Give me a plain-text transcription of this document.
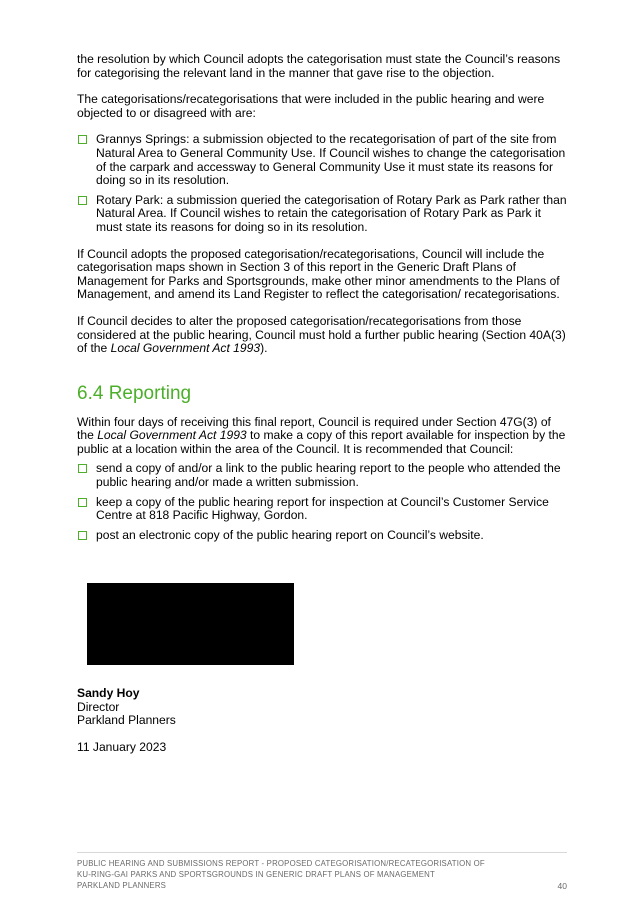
the resolution by which Council adopts the categorisation must state the Council’s reasons for categorising the relevant land in the manner that gave rise to the objection.

The categorisations/recategorisations that were included in the public hearing and were objected to or disagreed with are:

Grannys Springs: a submission objected to the recategorisation of part of the site from Natural Area to General Community Use. If Council wishes to change the categorisation of the carpark and accessway to General Community Use it must state its reasons for doing so in its resolution.
Rotary Park: a submission queried the categorisation of Rotary Park as Park rather than Natural Area. If Council wishes to retain the categorisation of Rotary Park as Park it must state its reasons for doing so in its resolution.

If Council adopts the proposed categorisation/recategorisations, Council will include the categorisation maps shown in Section 3 of this report in the Generic Draft Plans of Management for Parks and Sportsgrounds, make other minor amendments to the Plans of Management, and amend its Land Register to reflect the categorisation/ recategorisations.

If Council decides to alter the proposed categorisation/recategorisations from those considered at the public hearing, Council must hold a further public hearing (Section 40A(3) of the Local Government Act 1993).

6.4 Reporting

Within four days of receiving this final report, Council is required under Section 47G(3) of the Local Government Act 1993 to make a copy of this report available for inspection by the public at a location within the area of the Council. It is recommended that Council:

send a copy of and/or a link to the public hearing report to the people who attended the public hearing and/or made a written submission.
keep a copy of the public hearing report for inspection at Council’s Customer Service Centre at 818 Pacific Highway, Gordon.
post an electronic copy of the public hearing report on Council’s website.

Sandy Hoy

Director

Parkland Planners

11 January 2023

PUBLIC HEARING AND SUBMISSIONS REPORT - PROPOSED CATEGORISATION/RECATEGORISATION OF
KU-RING-GAI PARKS AND SPORTSGROUNDS IN GENERIC DRAFT PLANS OF MANAGEMENT
PARKLAND PLANNERS	40
